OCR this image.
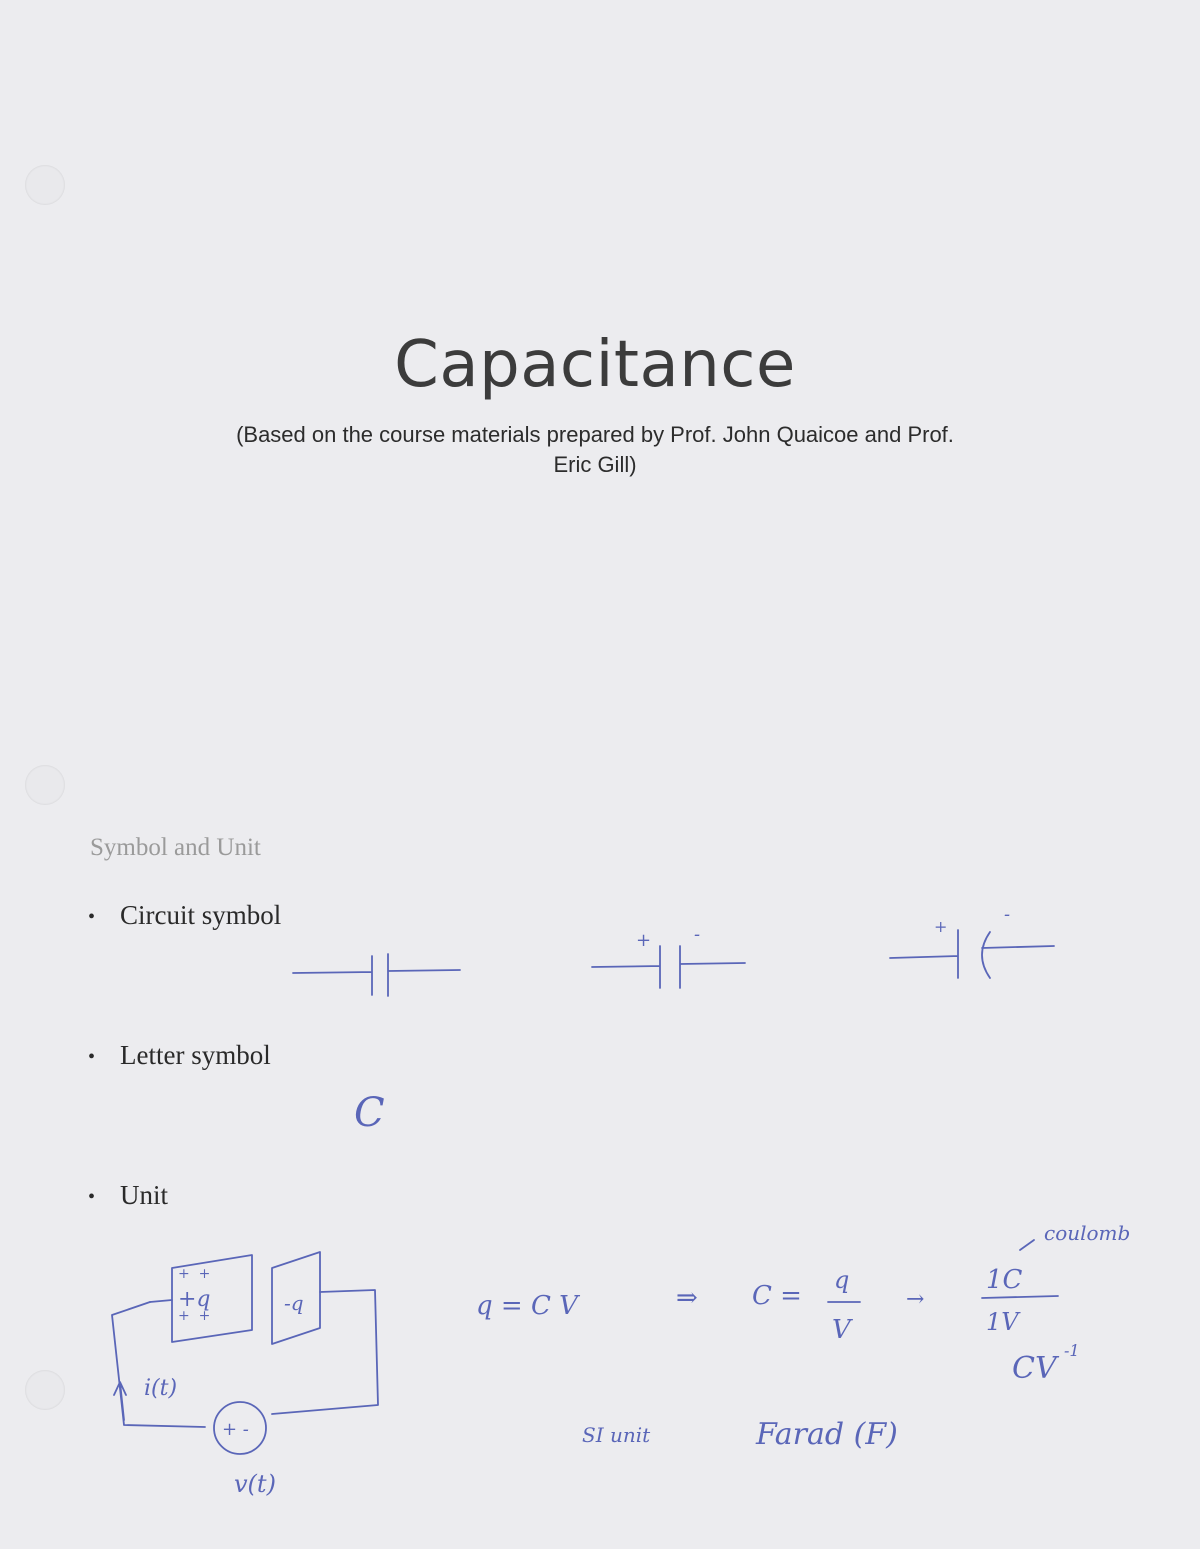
Capacitance
(Based on the course materials prepared by Prof. John Quaicoe and Prof.
Eric Gill)
Symbol and Unit
• Circuit symbol
• Letter symbol
• Unit
+ -	+
-
C
+  +
+  +
+q	-q
i(t)
+ -
v(t)
q = C V	⇒ C =
q
V
→
1C
1V
coulomb
CV
-1
SI unit	Farad (F)
